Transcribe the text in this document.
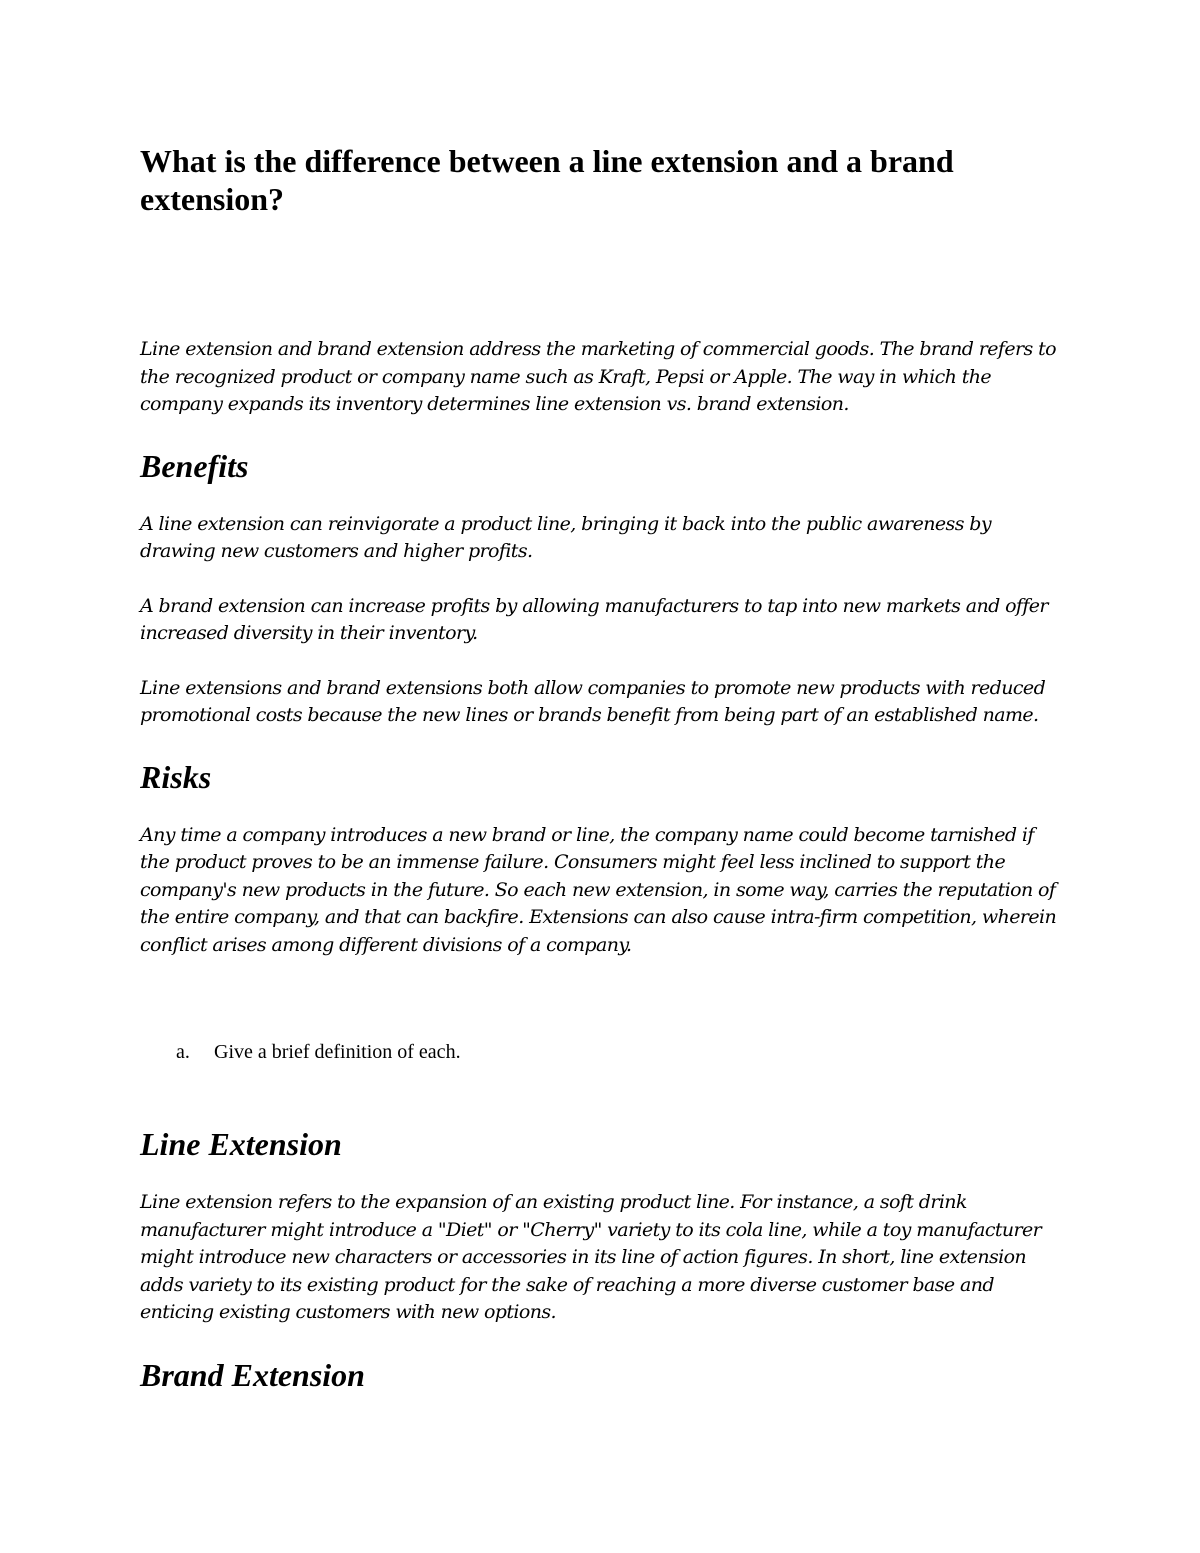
What is the difference between a line extension and a brand extension?

Line extension and brand extension address the marketing of commercial goods. The brand refers to the recognized product or company name such as Kraft, Pepsi or Apple. The way in which the company expands its inventory determines line extension vs. brand extension.

Benefits

A line extension can reinvigorate a product line, bringing it back into the public awareness by drawing new customers and higher profits.

A brand extension can increase profits by allowing manufacturers to tap into new markets and offer increased diversity in their inventory.

Line extensions and brand extensions both allow companies to promote new products with reduced promotional costs because the new lines or brands benefit from being part of an established name.

Risks

Any time a company introduces a new brand or line, the company name could become tarnished if the product proves to be an immense failure. Consumers might feel less inclined to support the company's new products in the future. So each new extension, in some way, carries the reputation of the entire company, and that can backfire. Extensions can also cause intra-firm competition, wherein conflict arises among different divisions of a company.

a.	Give a brief definition of each.
Line Extension

Line extension refers to the expansion of an existing product line. For instance, a soft drink manufacturer might introduce a "Diet" or "Cherry" variety to its cola line, while a toy manufacturer might introduce new characters or accessories in its line of action figures. In short, line extension adds variety to its existing product for the sake of reaching a more diverse customer base and enticing existing customers with new options.

Brand Extension
